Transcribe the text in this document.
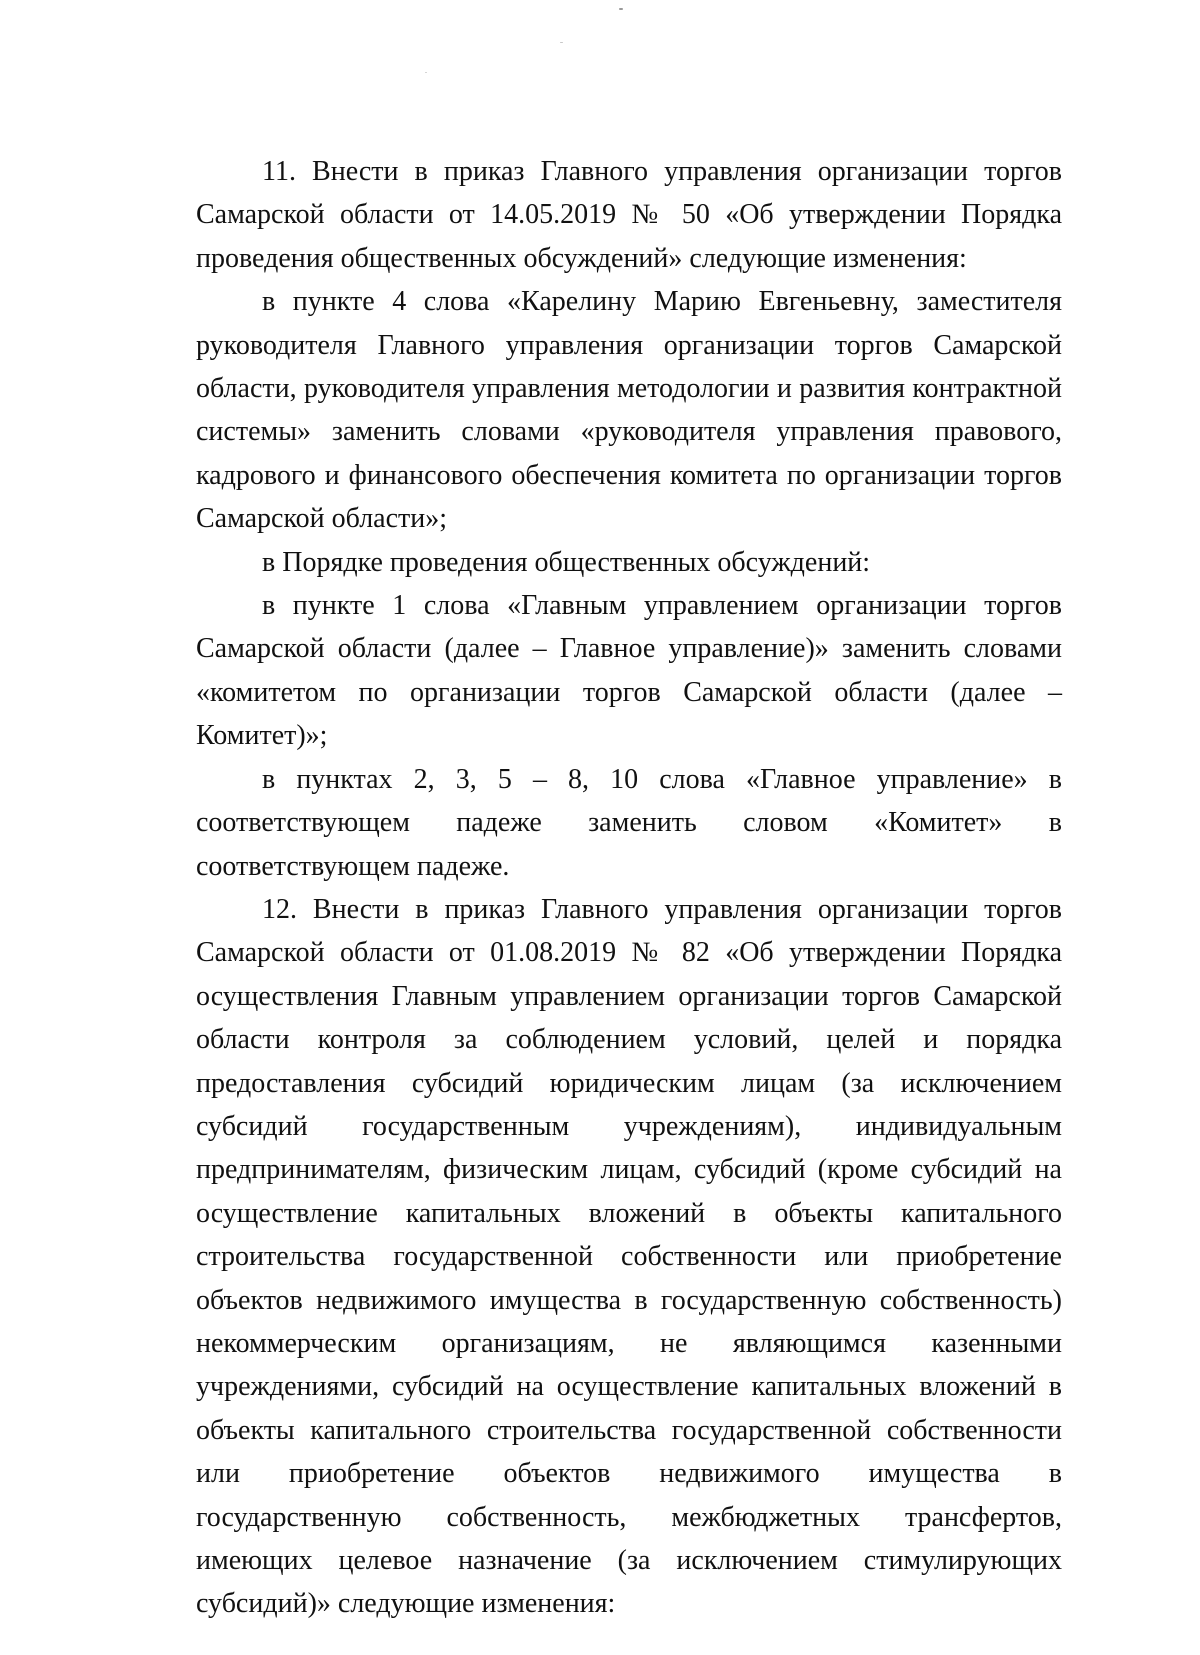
11. Внести в приказ Главного управления организации торгов Самарской области от 14.05.2019 № 50 «Об утверждении Порядка проведения общественных обсуждений» следующие изменения:

в пункте 4 слова «Карелину Марию Евгеньевну, заместителя руководителя Главного управления организации торгов Самарской области, руководителя управления методологии и развития контрактной системы» заменить словами «руководителя управления правового, кадрового и финансового обеспечения комитета по организации торгов Самарской области»;

в Порядке проведения общественных обсуждений:

в пункте 1 слова «Главным управлением организации торгов Самарской области (далее – Главное управление)» заменить словами «комитетом по организации торгов Самарской области (далее – Комитет)»;

в пунктах 2, 3, 5 – 8, 10 слова «Главное управление» в соответствующем падеже заменить словом «Комитет» в соответствующем падеже.

12. Внести в приказ Главного управления организации торгов Самарской области от 01.08.2019 № 82 «Об утверждении Порядка осуществления Главным управлением организации торгов Самарской области контроля за соблюдением условий, целей и порядка предоставления субсидий юридическим лицам (за исключением субсидий государственным учреждениям), индивидуальным предпринимателям, физическим лицам, субсидий (кроме субсидий на осуществление капитальных вложений в объекты капитального строительства государственной собственности или приобретение объектов недвижимого имущества в государственную собственность) некоммерческим организациям, не являющимся казенными учреждениями, субсидий на осуществление капитальных вложений в объекты капитального строительства государственной собственности или приобретение объектов недвижимого имущества в государственную собственность, межбюджетных трансфертов, имеющих целевое назначение (за исключением стимулирующих субсидий)» следующие изменения:
